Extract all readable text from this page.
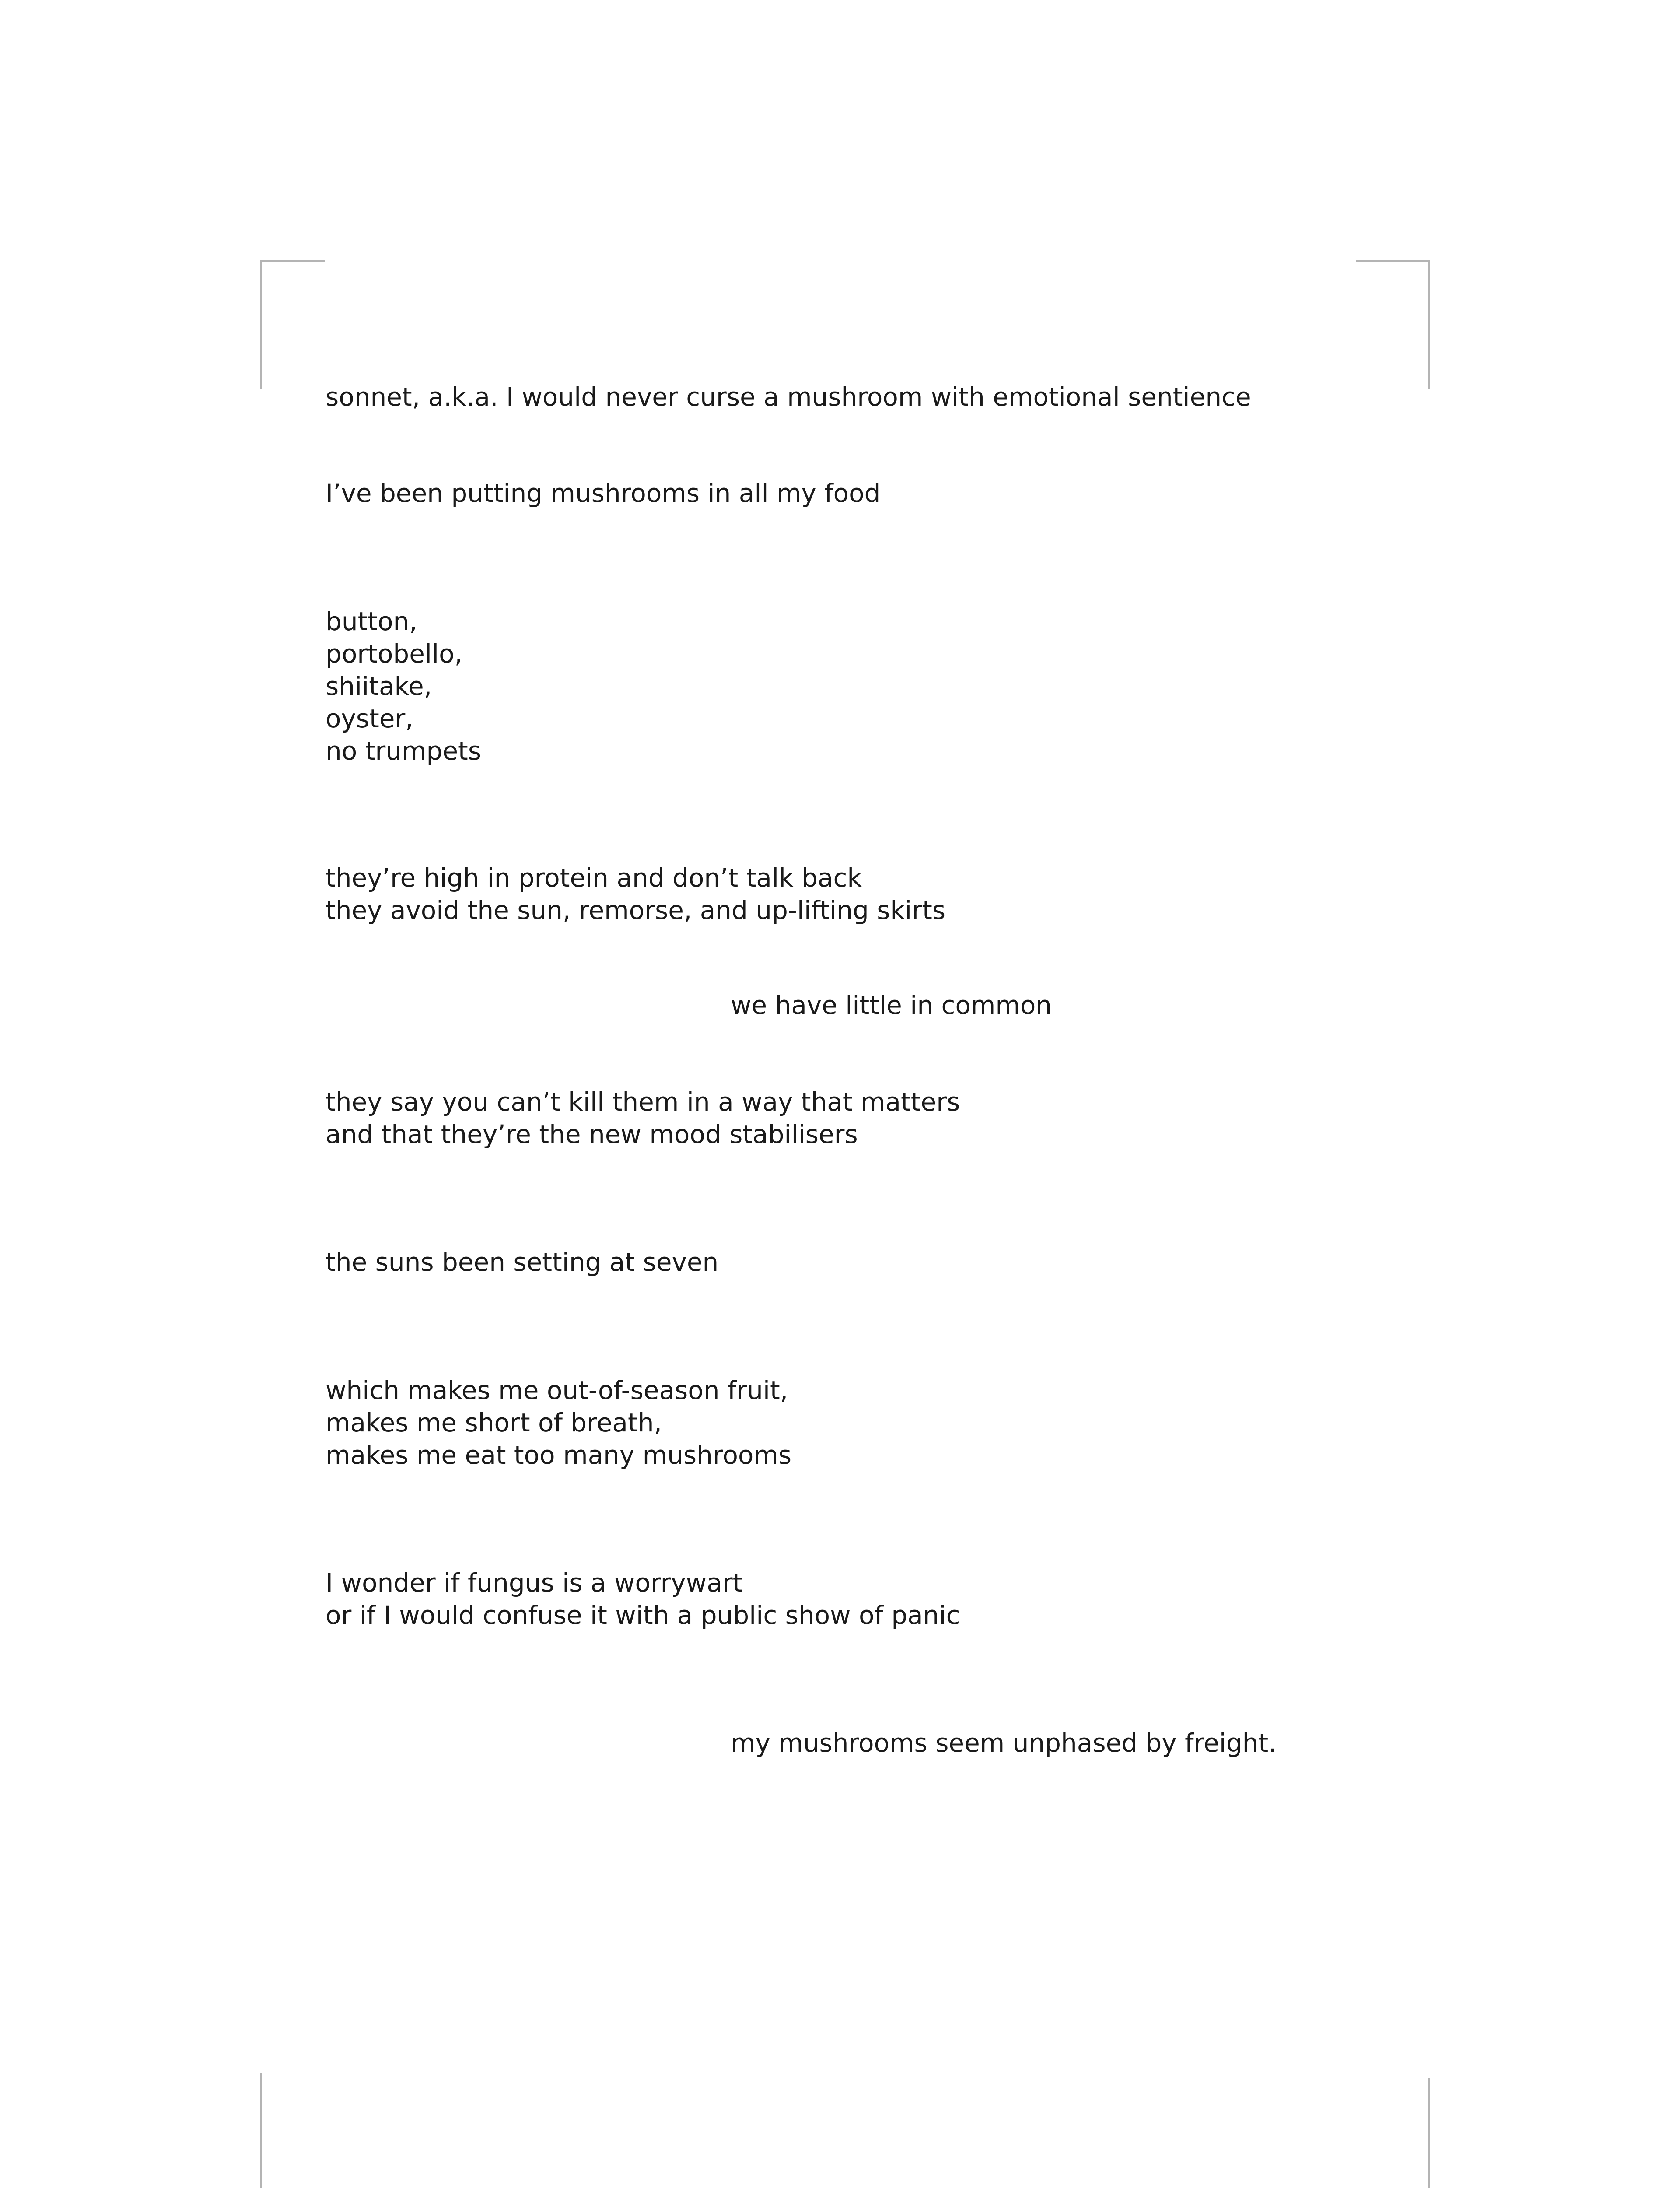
sonnet, a.k.a. I would never curse a mushroom with emotional sentience

I’ve been putting mushrooms in all my food

button,
portobello,
shiitake,
oyster,
no trumpets

they’re high in protein and don’t talk back
they avoid the sun, remorse, and up-lifting skirts

we have little in common

they say you can’t kill them in a way that matters
and that they’re the new mood stabilisers

the suns been setting at seven

which makes me out-of-season fruit,
makes me short of breath,
makes me eat too many mushrooms

I wonder if fungus is a worrywart
or if I would confuse it with a public show of panic

my mushrooms seem unphased by freight.
